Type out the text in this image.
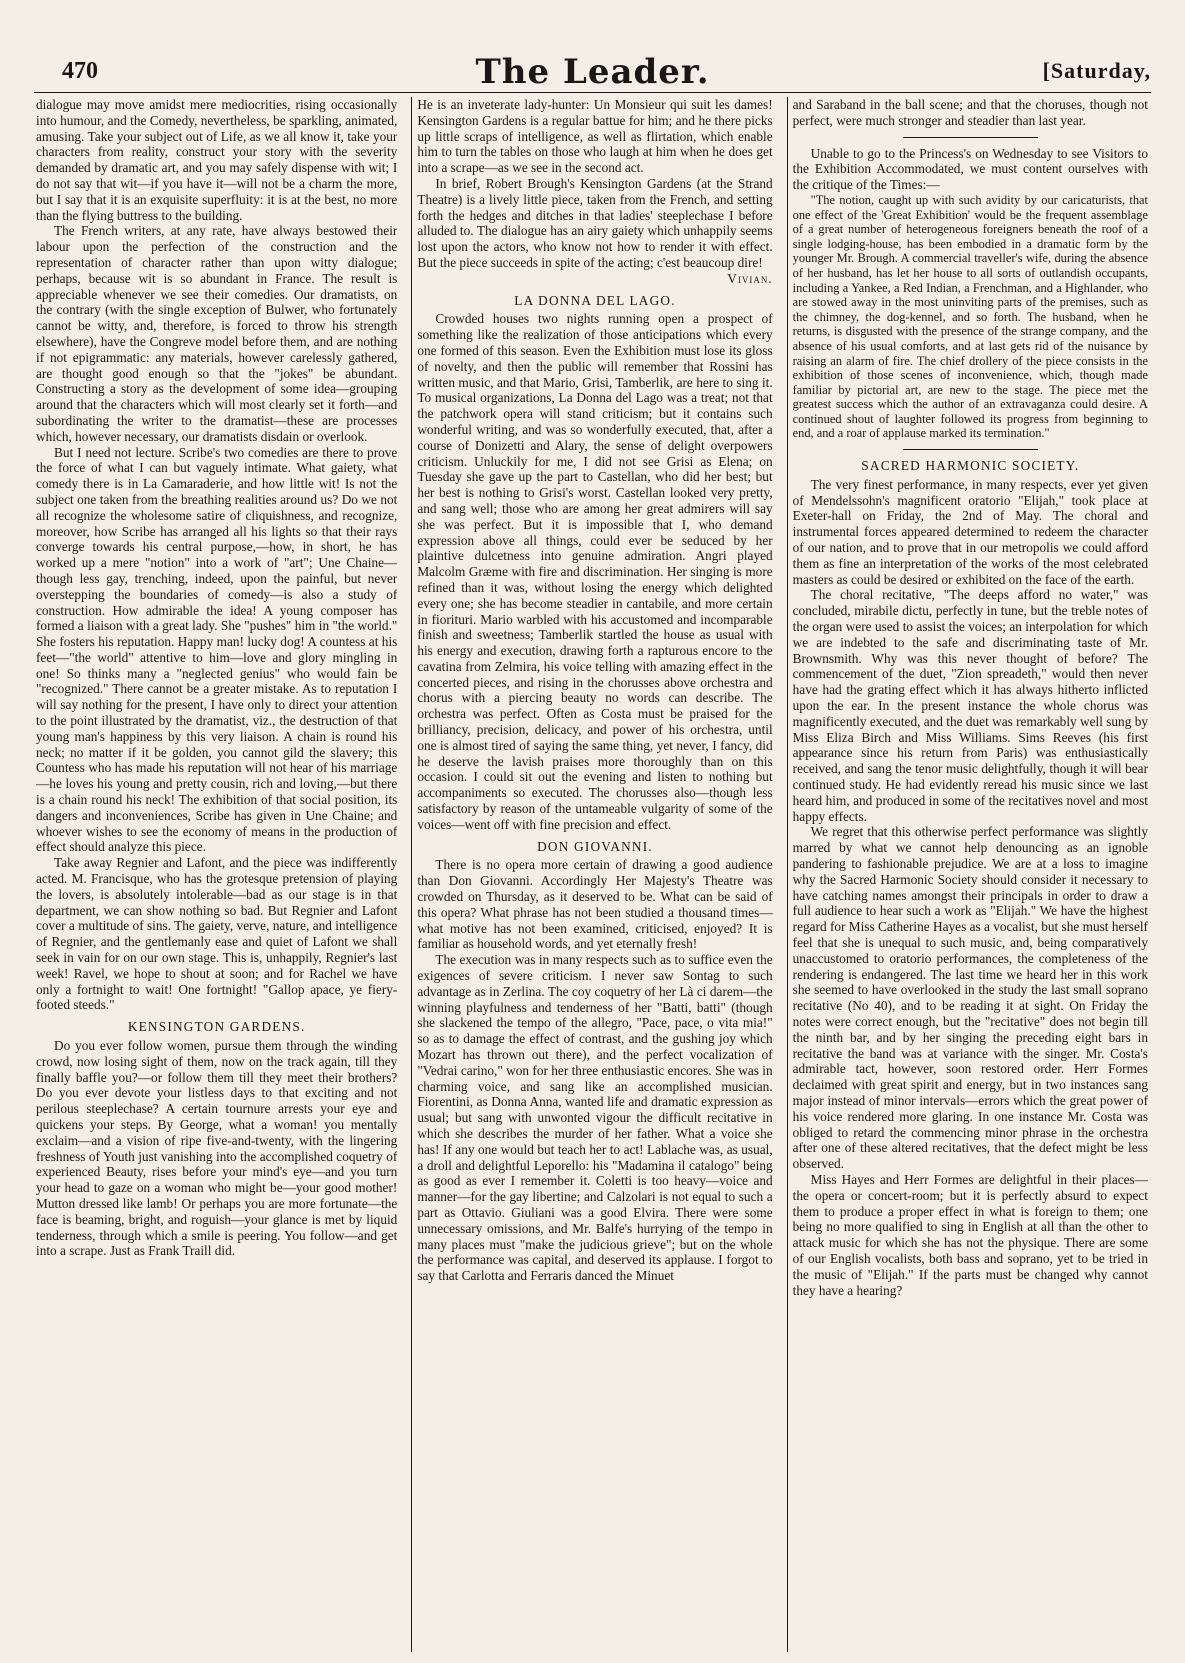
470	The Leader.	[Saturday,

dialogue may move amidst mere mediocrities, rising occasionally into humour, and the Comedy, nevertheless, be sparkling, animated, amusing. Take your subject out of Life, as we all know it, take your characters from reality, construct your story with the severity demanded by dramatic art, and you may safely dispense with wit; I do not say that wit—if you have it—will not be a charm the more, but I say that it is an exquisite superfluity: it is at the best, no more than the flying buttress to the building.

The French writers, at any rate, have always bestowed their labour upon the perfection of the construction and the representation of character rather than upon witty dialogue; perhaps, because wit is so abundant in France. The result is appreciable whenever we see their comedies. Our dramatists, on the contrary (with the single exception of Bulwer, who fortunately cannot be witty, and, therefore, is forced to throw his strength elsewhere), have the Congreve model before them, and are nothing if not epigrammatic: any materials, however carelessly gathered, are thought good enough so that the "jokes" be abundant. Constructing a story as the development of some idea—grouping around that the characters which will most clearly set it forth—and subordinating the writer to the dramatist—these are processes which, however necessary, our dramatists disdain or overlook.

But I need not lecture. Scribe's two comedies are there to prove the force of what I can but vaguely intimate. What gaiety, what comedy there is in La Camaraderie, and how little wit! Is not the subject one taken from the breathing realities around us? Do we not all recognize the wholesome satire of cliquishness, and recognize, moreover, how Scribe has arranged all his lights so that their rays converge towards his central purpose,—how, in short, he has worked up a mere "notion" into a work of "art"; Une Chaine—though less gay, trenching, indeed, upon the painful, but never overstepping the boundaries of comedy—is also a study of construction. How admirable the idea! A young composer has formed a liaison with a great lady. She "pushes" him in "the world." She fosters his reputation. Happy man! lucky dog! A countess at his feet—"the world" attentive to him—love and glory mingling in one! So thinks many a "neglected genius" who would fain be "recognized." There cannot be a greater mistake. As to reputation I will say nothing for the present, I have only to direct your attention to the point illustrated by the dramatist, viz., the destruction of that young man's happiness by this very liaison. A chain is round his neck; no matter if it be golden, you cannot gild the slavery; this Countess who has made his reputation will not hear of his marriage—he loves his young and pretty cousin, rich and loving,—but there is a chain round his neck! The exhibition of that social position, its dangers and inconveniences, Scribe has given in Une Chaine; and whoever wishes to see the economy of means in the production of effect should analyze this piece.

Take away Regnier and Lafont, and the piece was indifferently acted. M. Francisque, who has the grotesque pretension of playing the lovers, is absolutely intolerable—bad as our stage is in that department, we can show nothing so bad. But Regnier and Lafont cover a multitude of sins. The gaiety, verve, nature, and intelligence of Regnier, and the gentlemanly ease and quiet of Lafont we shall seek in vain for on our own stage. This is, unhappily, Regnier's last week! Ravel, we hope to shout at soon; and for Rachel we have only a fortnight to wait! One fortnight! "Gallop apace, ye fiery-footed steeds."

KENSINGTON GARDENS.

Do you ever follow women, pursue them through the winding crowd, now losing sight of them, now on the track again, till they finally baffle you?—or follow them till they meet their brothers? Do you ever devote your listless days to that exciting and not perilous steeplechase? A certain tournure arrests your eye and quickens your steps. By George, what a woman! you mentally exclaim—and a vision of ripe five-and-twenty, with the lingering freshness of Youth just vanishing into the accomplished coquetry of experienced Beauty, rises before your mind's eye—and you turn your head to gaze on a woman who might be—your good mother! Mutton dressed like lamb! Or perhaps you are more fortunate—the face is beaming, bright, and roguish—your glance is met by liquid tenderness, through which a smile is peering. You follow—and get into a scrape. Just as Frank Traill did.

He is an inveterate lady-hunter: Un Monsieur qui suit les dames! Kensington Gardens is a regular battue for him; and he there picks up little scraps of intelligence, as well as flirtation, which enable him to turn the tables on those who laugh at him when he does get into a scrape—as we see in the second act.

In brief, Robert Brough's Kensington Gardens (at the Strand Theatre) is a lively little piece, taken from the French, and setting forth the hedges and ditches in that ladies' steeplechase I before alluded to. The dialogue has an airy gaiety which unhappily seems lost upon the actors, who know not how to render it with effect. But the piece succeeds in spite of the acting; c'est beaucoup dire!

Vivian.
LA DONNA DEL LAGO.

Crowded houses two nights running open a prospect of something like the realization of those anticipations which every one formed of this season. Even the Exhibition must lose its gloss of novelty, and then the public will remember that Rossini has written music, and that Mario, Grisi, Tamberlik, are here to sing it. To musical organizations, La Donna del Lago was a treat; not that the patchwork opera will stand criticism; but it contains such wonderful writing, and was so wonderfully executed, that, after a course of Donizetti and Alary, the sense of delight overpowers criticism. Unluckily for me, I did not see Grisi as Elena; on Tuesday she gave up the part to Castellan, who did her best; but her best is nothing to Grisi's worst. Castellan looked very pretty, and sang well; those who are among her great admirers will say she was perfect. But it is impossible that I, who demand expression above all things, could ever be seduced by her plaintive dulcetness into genuine admiration. Angri played Malcolm Græme with fire and discrimination. Her singing is more refined than it was, without losing the energy which delighted every one; she has become steadier in cantabile, and more certain in fioriturі. Mario warbled with his accustomed and incomparable finish and sweetness; Tamberlik startled the house as usual with his energy and execution, drawing forth a rapturous encore to the cavatina from Zelmira, his voice telling with amazing effect in the concerted pieces, and rising in the chorusses above orchestra and chorus with a piercing beauty no words can describe. The orchestra was perfect. Often as Costa must be praised for the brilliancy, precision, delicacy, and power of his orchestra, until one is almost tired of saying the same thing, yet never, I fancy, did he deserve the lavish praises more thoroughly than on this occasion. I could sit out the evening and listen to nothing but accompaniments so executed. The chorusses also—though less satisfactory by reason of the untameable vulgarity of some of the voices—went off with fine precision and effect.

DON GIOVANNI.

There is no opera more certain of drawing a good audience than Don Giovanni. Accordingly Her Majesty's Theatre was crowded on Thursday, as it deserved to be. What can be said of this opera? What phrase has not been studied a thousand times—what motive has not been examined, criticised, enjoyed? It is familiar as household words, and yet eternally fresh!

The execution was in many respects such as to suffice even the exigences of severe criticism. I never saw Sontag to such advantage as in Zerlina. The coy coquetry of her Là ci darem—the winning playfulness and tenderness of her "Batti, batti" (though she slackened the tempo of the allegro, "Pace, pace, o vita mia!" so as to damage the effect of contrast, and the gushing joy which Mozart has thrown out there), and the perfect vocalization of "Vedrai carino," won for her three enthusiastic encores. She was in charming voice, and sang like an accomplished musician. Fiorentini, as Donna Anna, wanted life and dramatic expression as usual; but sang with unwonted vigour the difficult recitative in which she describes the murder of her father. What a voice she has! If any one would but teach her to act! Lablache was, as usual, a droll and delightful Leporello: his "Madamina il catalogo" being as good as ever I remember it. Coletti is too heavy—voice and manner—for the gay libertine; and Calzolari is not equal to such a part as Ottavio. Giuliani was a good Elvira. There were some unnecessary omissions, and Mr. Balfe's hurrying of the tempo in many places must "make the judicious grieve"; but on the whole the performance was capital, and deserved its applause. I forgot to say that Carlotta and Ferraris danced the Minuet

and Saraband in the ball scene; and that the choruses, though not perfect, were much stronger and steadier than last year.

Unable to go to the Princess's on Wednesday to see Visitors to the Exhibition Accommodated, we must content ourselves with the critique of the Times:—

"The notion, caught up with such avidity by our caricaturists, that one effect of the 'Great Exhibition' would be the frequent assemblage of a great number of heterogeneous foreigners beneath the roof of a single lodging-house, has been embodied in a dramatic form by the younger Mr. Brough. A commercial traveller's wife, during the absence of her husband, has let her house to all sorts of outlandish occupants, including a Yankee, a Red Indian, a Frenchman, and a Highlander, who are stowed away in the most uninviting parts of the premises, such as the chimney, the dog-kennel, and so forth. The husband, when he returns, is disgusted with the presence of the strange company, and the absence of his usual comforts, and at last gets rid of the nuisance by raising an alarm of fire. The chief drollery of the piece consists in the exhibition of those scenes of inconvenience, which, though made familiar by pictorial art, are new to the stage. The piece met the greatest success which the author of an extravaganza could desire. A continued shout of laughter followed its progress from beginning to end, and a roar of applause marked its termination."

SACRED HARMONIC SOCIETY.

The very finest performance, in many respects, ever yet given of Mendelssohn's magnificent oratorio "Elijah," took place at Exeter-hall on Friday, the 2nd of May. The choral and instrumental forces appeared determined to redeem the character of our nation, and to prove that in our metropolis we could afford them as fine an interpretation of the works of the most celebrated masters as could be desired or exhibited on the face of the earth.

The choral recitative, "The deeps afford no water," was concluded, mirabile dictu, perfectly in tune, but the treble notes of the organ were used to assist the voices; an interpolation for which we are indebted to the safe and discriminating taste of Mr. Brownsmith. Why was this never thought of before? The commencement of the duet, "Zion spreadeth," would then never have had the grating effect which it has always hitherto inflicted upon the ear. In the present instance the whole chorus was magnificently executed, and the duet was remarkably well sung by Miss Eliza Birch and Miss Williams. Sims Reeves (his first appearance since his return from Paris) was enthusiastically received, and sang the tenor music delightfully, though it will bear continued study. He had evidently reread his music since we last heard him, and produced in some of the recitatives novel and most happy effects.

We regret that this otherwise perfect performance was slightly marred by what we cannot help denouncing as an ignoble pandering to fashionable prejudice. We are at a loss to imagine why the Sacred Harmonic Society should consider it necessary to have catching names amongst their principals in order to draw a full audience to hear such a work as "Elijah." We have the highest regard for Miss Catherine Hayes as a vocalist, but she must herself feel that she is unequal to such music, and, being comparatively unaccustomed to oratorio performances, the completeness of the rendering is endangered. The last time we heard her in this work she seemed to have overlooked in the study the last small soprano recitative (No 40), and to be reading it at sight. On Friday the notes were correct enough, but the "recitative" does not begin till the ninth bar, and by her singing the preceding eight bars in recitative the band was at variance with the singer. Mr. Costa's admirable tact, however, soon restored order. Herr Formes declaimed with great spirit and energy, but in two instances sang major instead of minor intervals—errors which the great power of his voice rendered more glaring. In one instance Mr. Costa was obliged to retard the commencing minor phrase in the orchestra after one of these altered recitatives, that the defect might be less observed.

Miss Hayes and Herr Formes are delightful in their places—the opera or concert-room; but it is perfectly absurd to expect them to produce a proper effect in what is foreign to them; one being no more qualified to sing in English at all than the other to attack music for which she has not the physique. There are some of our English vocalists, both bass and soprano, yet to be tried in the music of "Elijah." If the parts must be changed why cannot they have a hearing?
